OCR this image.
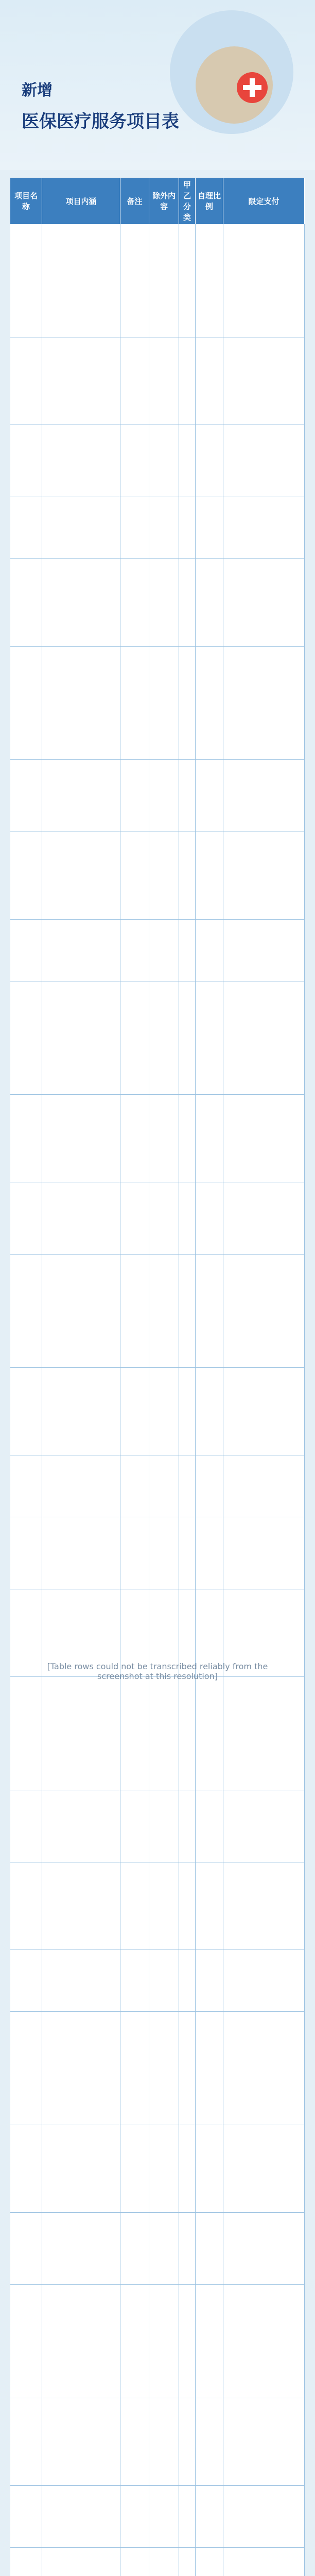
新增
医保医疗服务项目表
项目名称
项目内涵	备注
除外内容
甲乙分类
自理比例
限定支付
[Table rows could not be transcribed reliably from the screenshot at this resolution]
